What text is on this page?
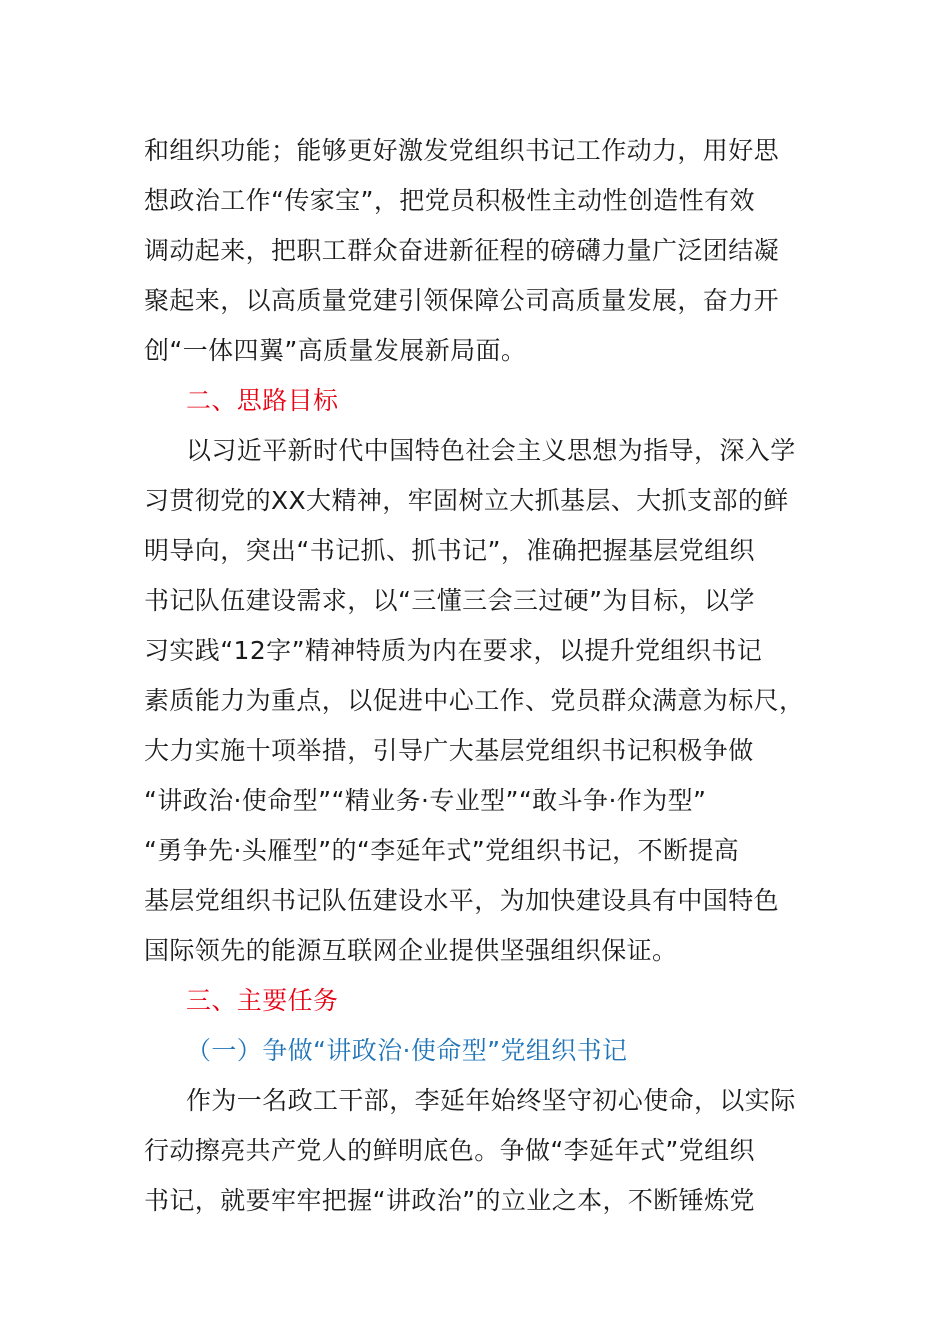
和组织功能；能够更好激发党组织书记工作动力，用好思
想政治工作“传家宝”，把党员积极性主动性创造性有效
调动起来，把职工群众奋进新征程的磅礴力量广泛团结凝
聚起来，以高质量党建引领保障公司高质量发展，奋力开
创“一体四翼”高质量发展新局面。
二、思路目标
以习近平新时代中国特色社会主义思想为指导，深入学
习贯彻党的XX大精神，牢固树立大抓基层、大抓支部的鲜
明导向，突出“书记抓、抓书记”，准确把握基层党组织
书记队伍建设需求，以“三懂三会三过硬”为目标，以学
习实践“12字”精神特质为内在要求，以提升党组织书记
素质能力为重点，以促进中心工作、党员群众满意为标尺，
大力实施十项举措，引导广大基层党组织书记积极争做
“讲政治·使命型”“精业务·专业型”“敢斗争·作为型”
“勇争先·头雁型”的“李延年式”党组织书记，不断提高
基层党组织书记队伍建设水平，为加快建设具有中国特色
国际领先的能源互联网企业提供坚强组织保证。
三、主要任务
（一）争做“讲政治·使命型”党组织书记
作为一名政工干部，李延年始终坚守初心使命，以实际
行动擦亮共产党人的鲜明底色。争做“李延年式”党组织
书记，就要牢牢把握“讲政治”的立业之本，不断锤炼党
